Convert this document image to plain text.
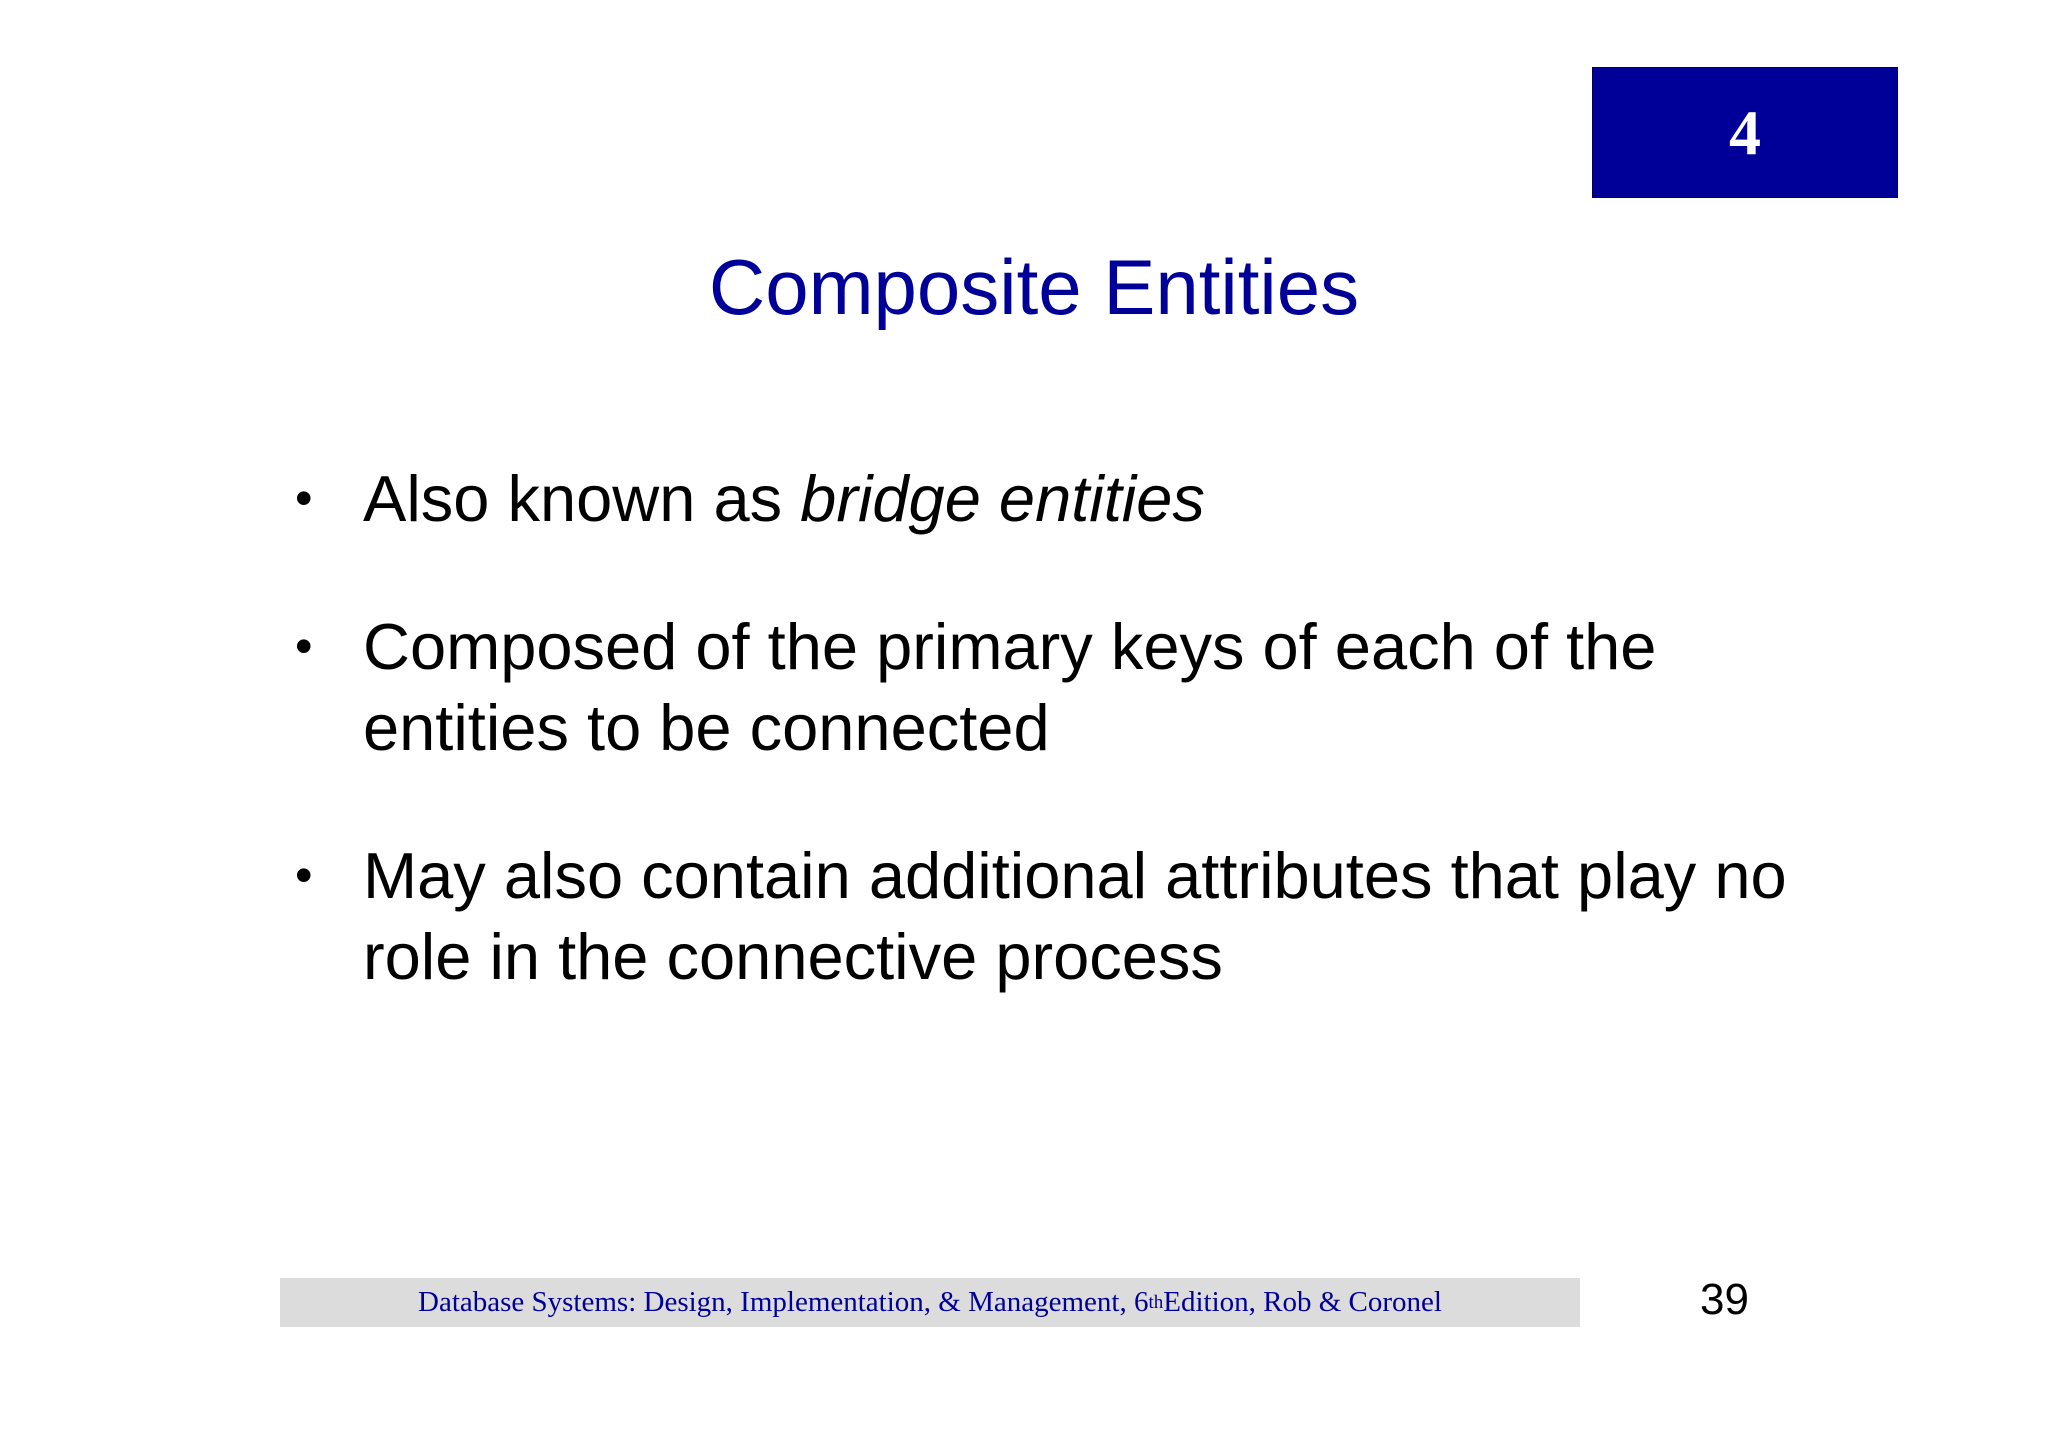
4
Composite Entities
• Also known as bridge entities
• Composed of the primary keys of each of the entities to be connected
• May also contain additional attributes that play no role in the connective process
Database Systems: Design, Implementation, & Management, 6 th Edition, Rob & Coronel	39
